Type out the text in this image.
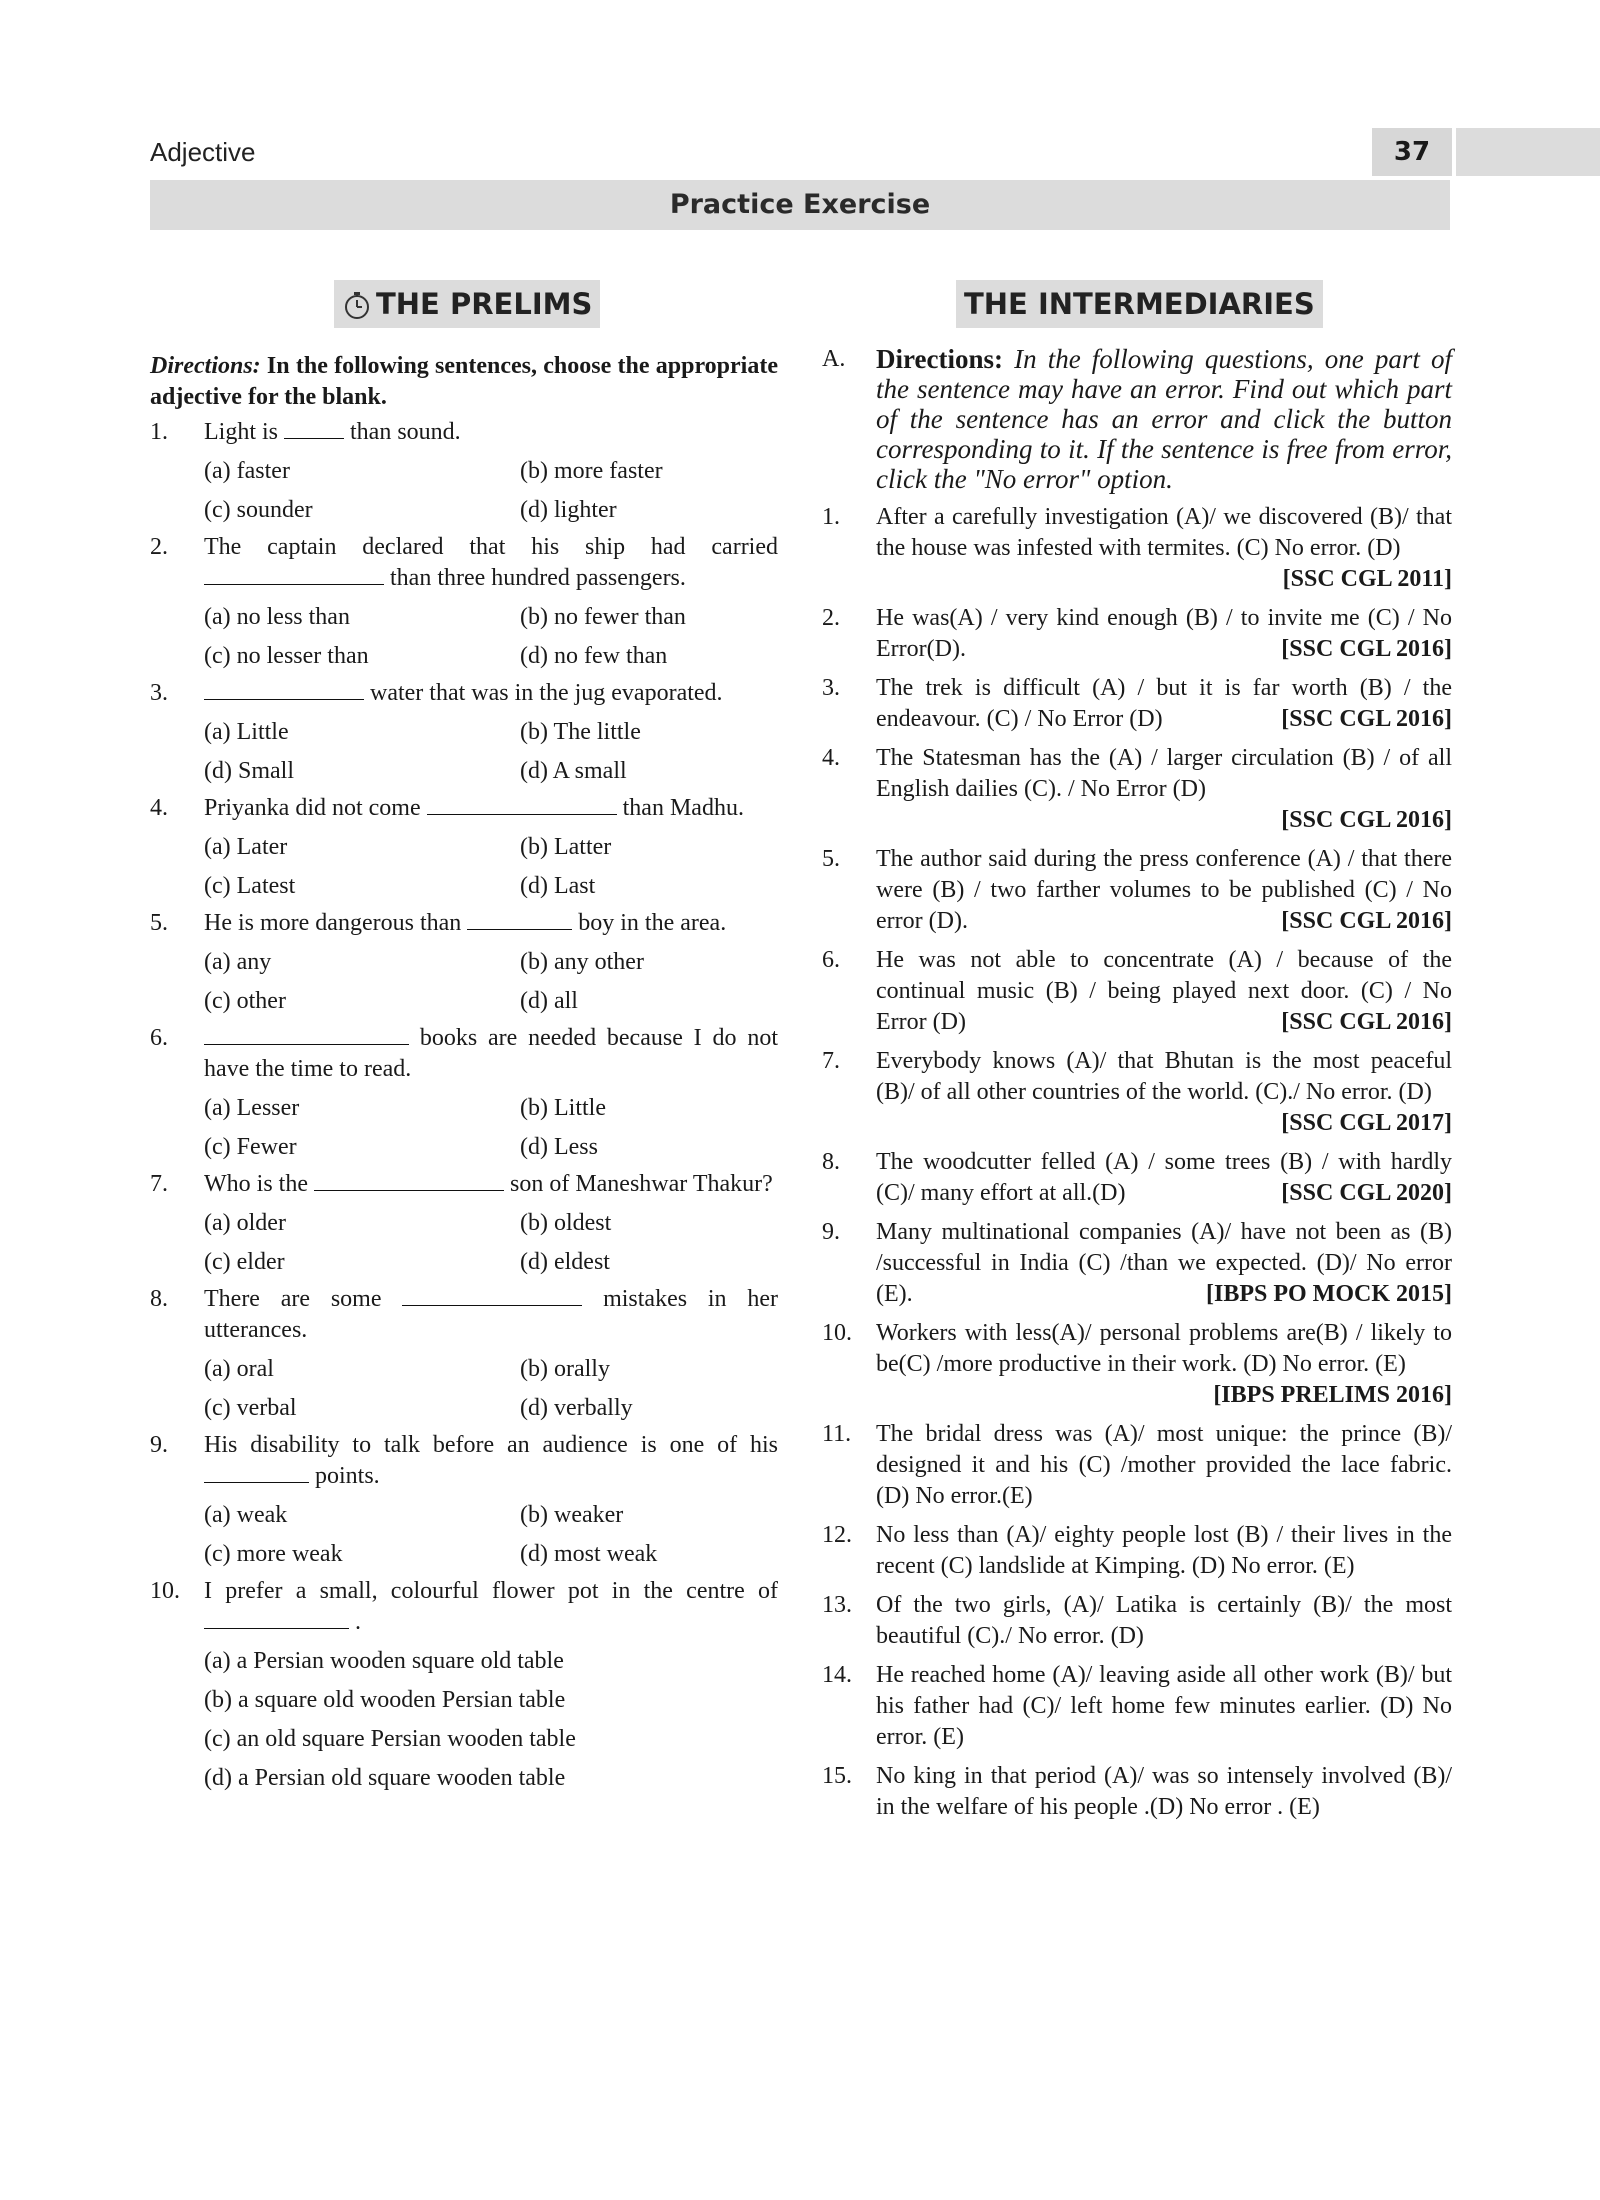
Adjective	37
Practice Exercise
THE PRELIMS	THE INTERMEDIARIES
Directions: In the following sentences, choose the appropriate adjective for the blank.
1.	Light is	than sound.
(a) faster	(b) more faster
(c) sounder	(d) lighter
2.	The captain declared that his ship had carried  than three hundred passengers.
(a) no less than	(b) no fewer than
(c) no lesser than	(d) no few than
3.	water that was in the jug evaporated.
(a) Little	(b) The little
(d) Small	(d) A small
4.	Priyanka did not come	than Madhu.
(a) Later	(b) Latter
(c) Latest	(d) Last
5.	He is more dangerous than	boy in the area.
(a) any	(b) any other
(c) other	(d) all
6.	books are needed because I do not have the time to read.
(a) Lesser	(b) Little
(c) Fewer	(d) Less
7.	Who is the	son of Maneshwar Thakur?
(a) older	(b) oldest
(c) elder	(d) eldest
8.	There are some	mistakes in her utterances.
(a) oral	(b) orally
(c) verbal	(d) verbally
9.	His disability to talk before an audience is one of his  points.
(a) weak	(b) weaker
(c) more weak	(d) most weak
10.	I prefer a small, colourful flower pot in the centre of  .
(a) a Persian wooden square old table
(b) a square old wooden Persian table
(c) an old square Persian wooden table
(d) a Persian old square wooden table
A.	Directions: In the following questions, one part of the sentence may have an error. Find out which part of the sentence has an error and click the button corresponding to it. If the sentence is free from error, click the "No error" option.
1.	After a carefully investigation (A)/ we discovered (B)/ that the house was infested with termites. (C) No error. (D)
[SSC CGL 2011]
2.	He was(A) / very kind enough (B) / to invite me (C) / No Error(D).	[SSC CGL 2016]
3.	The trek is difficult (A) / but it is far worth (B) / the endeavour. (C) / No Error (D)	[SSC CGL 2016]
4.	The Statesman has the (A) / larger circulation (B) / of all English dailies (C). / No Error (D)
[SSC CGL 2016]
5.	The author said during the press conference (A) / that there were (B) / two farther volumes to be published (C) / No error (D).	[SSC CGL 2016]
6.	He was not able to concentrate (A) / because of the continual music (B) / being played next door. (C) / No Error (D)	[SSC CGL 2016]
7.	Everybody knows (A)/ that Bhutan is the most peaceful (B)/ of all other countries of the world. (C)./ No error. (D)
[SSC CGL 2017]
8.	The woodcutter felled (A) / some trees (B) / with hardly (C)/ many effort at all.(D)	[SSC CGL 2020]
9.	Many multinational companies (A)/ have not been as (B) /successful in India (C) /than we expected. (D)/ No error (E).	[IBPS PO MOCK 2015]
10.	Workers with less(A)/ personal problems are(B) / likely to be(C) /more productive in their work. (D) No error. (E)
[IBPS PRELIMS 2016]
11.	The bridal dress was (A)/ most unique: the prince (B)/ designed it and his (C) /mother provided the lace fabric. (D) No error.(E)
12.	No less than (A)/ eighty people lost (B) / their lives in the recent (C) landslide at Kimping. (D) No error. (E)
13.	Of the two girls, (A)/ Latika is certainly (B)/ the most beautiful (C)./ No error. (D)
14.	He reached home (A)/ leaving aside all other work (B)/ but his father had (C)/ left home few minutes earlier. (D) No error. (E)
15.	No king in that period (A)/ was so intensely involved (B)/ in the welfare of his people .(D) No error . (E)
